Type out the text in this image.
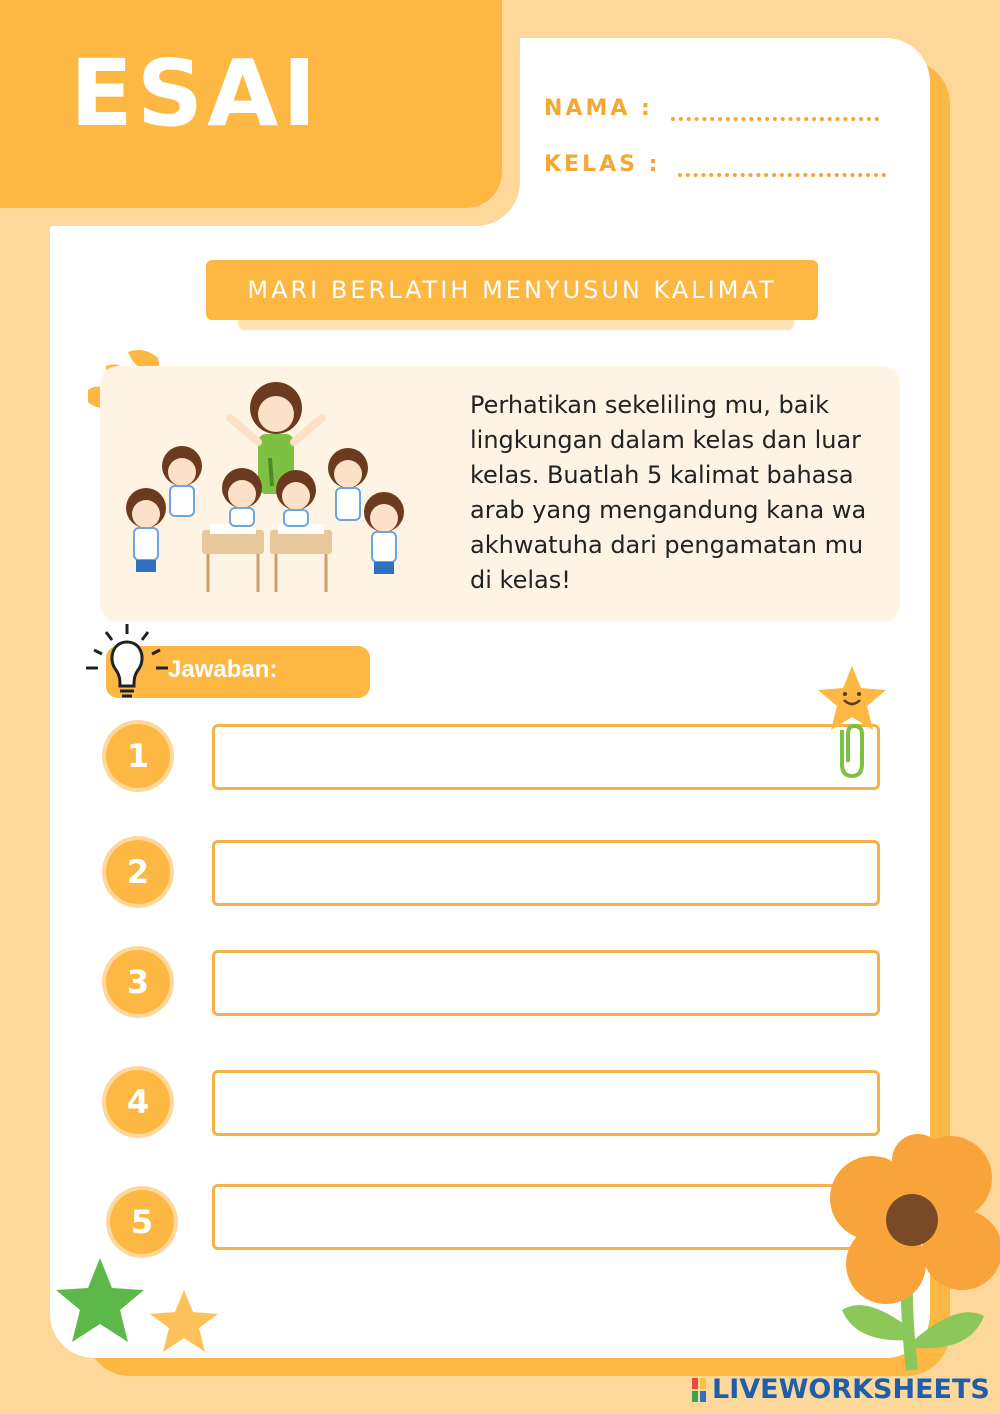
ESAI	NAMA :
KELAS :
MARI BERLATIH MENYUSUN KALIMAT
Perhatikan sekeliling mu, baik lingkungan dalam kelas dan luar kelas. Buatlah 5 kalimat bahasa arab yang mengandung kana wa akhwatuha dari pengamatan mu di kelas!
Jawaban:
1
2
3
4
5
LIVEWORKSHEETS
